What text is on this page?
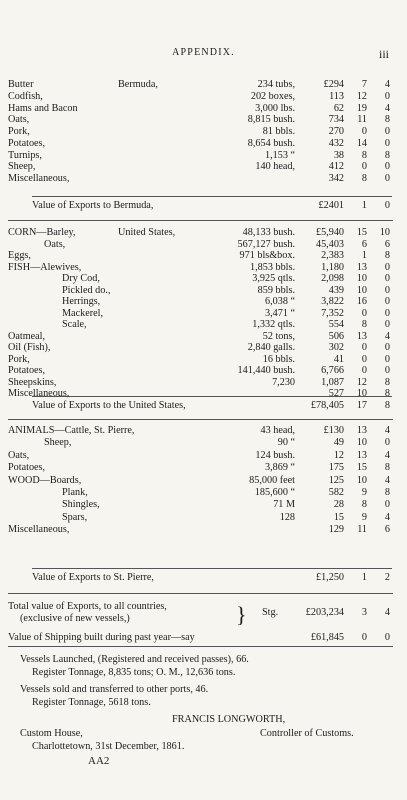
APPENDIX.	iii
Butter	Bermuda,	234 tubs,	£294	7	4
Codfish,	202 boxes,	113	12	0
Hams and Bacon	3,000 lbs.	62	19	4
Oats,	8,815 bush.	734	11	8
Pork,	81 bbls.	270	0	0
Potatoes,	8,654 bush.	432	14	0
Turnips,	1,153 “	38	8	8
Sheep,	140 head,	412	0	0
Miscellaneous,	342	8	0
Value of Exports to Bermuda,	£2401	1	0
CORN—Barley,	United States,	48,133 bush.	£5,940	15	10
Oats,	567,127 bush.	45,403	6	6
Eggs,	971 bls&box.	2,383	1	8
FISH—Alewives,	1,853 bbls.	1,180	13	0
Dry Cod,	3,925 qtls.	2,098	10	0
Pickled do.,	859 bbls.	439	10	0
Herrings,	6,038 “	3,822	16	0
Mackerel,	3,471 “	7,352	0	0
Scale,	1,332 qtls.	554	8	0
Oatmeal,	52 tons,	506	13	4
Oil (Fish),	2,840 galls.	302	0	0
Pork,	16 bbls.	41	0	0
Potatoes,	141,440 bush.	6,766	0	0
Sheepskins,	7,230	1,087	12	8
Miscellaneous,	527	10	8
Value of Exports to the United States,	£78,405	17	8
ANIMALS—Cattle, St. Pierre,	43 head,	£130	13	4
Sheep,	90 “	49	10	0
Oats,	124 bush.	12	13	4
Potatoes,	3,869 “	175	15	8
WOOD—Boards,	85,000 feet	125	10	4
Plank,	185,600 “	582	9	8
Shingles,	71 M	28	8	0
Spars,	128	15	9	4
Miscellaneous,	129	11	6
Value of Exports to St. Pierre,	£1,250	1	2
Total value of Exports, to all countries,
(exclusive of new vessels,)	} Stg.	£203,234	3	4
Value of Shipping built during past year—say	£61,845	0	0
Vessels Launched, (Registered and received passes), 66.
Register Tonnage, 8,835 tons; O. M., 12,636 tons.
Vessels sold and transferred to other ports, 46.
Register Tonnage, 5618 tons.
FRANCIS LONGWORTH,
Custom House,	Controller of Customs.
Charlottetown, 31st December, 1861.
AA2
